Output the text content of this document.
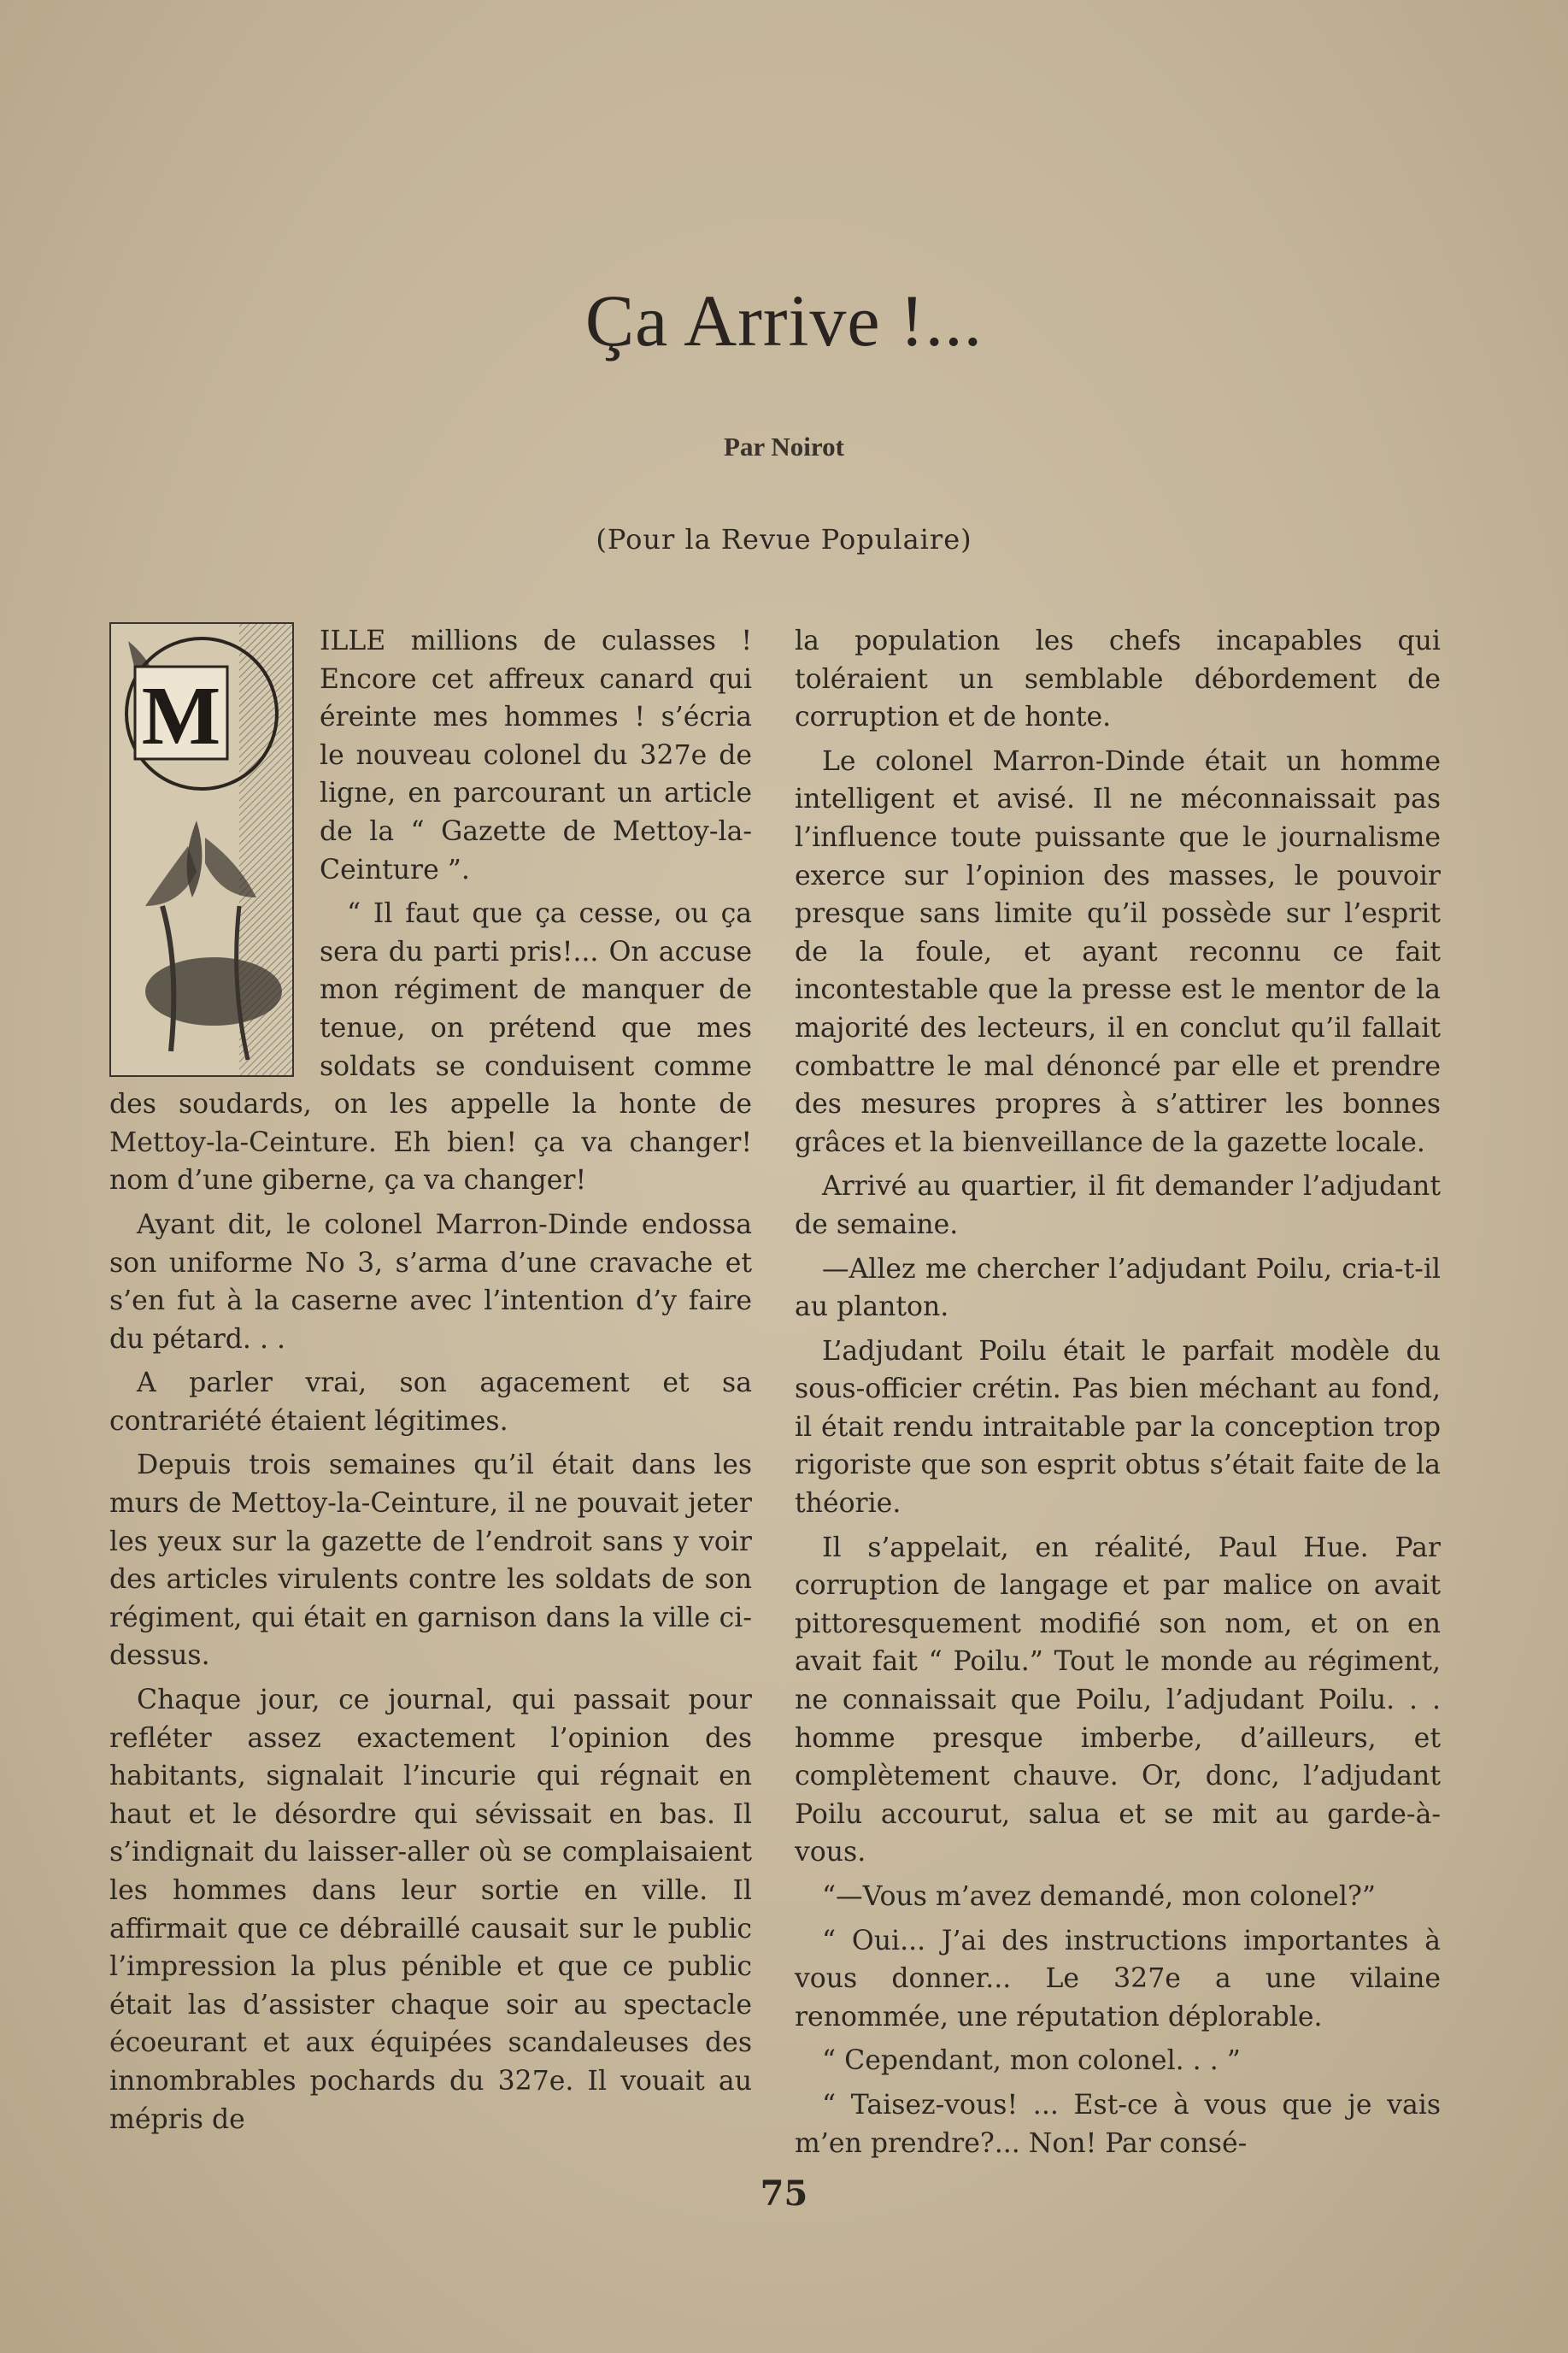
Ça Arrive !...
Par Noirot
(Pour la Revue Populaire)
M

ILLE millions de culasses ! Encore cet affreux canard qui éreinte mes hommes ! s’écria le nouveau colonel du 327e de ligne, en parcourant un article de la “ Gazette de Mettoy-la-Ceinture ”.

“ Il faut que ça cesse, ou ça sera du parti pris!... On accuse mon régiment de manquer de tenue, on prétend que mes soldats se conduisent comme des soudards, on les appelle la honte de Mettoy-la-Ceinture. Eh bien! ça va changer! nom d’une giberne, ça va changer!

Ayant dit, le colonel Marron-Dinde endossa son uniforme No 3, s’arma d’une cravache et s’en fut à la caserne avec l’intention d’y faire du pétard. . .

A parler vrai, son agacement et sa contrariété étaient légitimes.

Depuis trois semaines qu’il était dans les murs de Mettoy-la-Ceinture, il ne pouvait jeter les yeux sur la gazette de l’endroit sans y voir des articles virulents contre les soldats de son régiment, qui était en garnison dans la ville ci-dessus.

Chaque jour, ce journal, qui passait pour refléter assez exactement l’opinion des habitants, signalait l’incurie qui régnait en haut et le désordre qui sévissait en bas. Il s’indignait du laisser-aller où se complaisaient les hommes dans leur sortie en ville. Il affirmait que ce débraillé causait sur le public l’impression la plus pénible et que ce public était las d’assister chaque soir au spectacle écoeurant et aux équipées scandaleuses des innombrables pochards du 327e. Il vouait au mépris de

la population les chefs incapables qui toléraient un semblable débordement de corruption et de honte.

Le colonel Marron-Dinde était un homme intelligent et avisé. Il ne méconnaissait pas l’influence toute puissante que le journalisme exerce sur l’opinion des masses, le pouvoir presque sans limite qu’il possède sur l’esprit de la foule, et ayant reconnu ce fait incontestable que la presse est le mentor de la majorité des lecteurs, il en conclut qu’il fallait combattre le mal dénoncé par elle et prendre des mesures propres à s’attirer les bonnes grâces et la bienveillance de la gazette locale.

Arrivé au quartier, il fit demander l’adjudant de semaine.

—Allez me chercher l’adjudant Poilu, cria-t-il au planton.

L’adjudant Poilu était le parfait modèle du sous-officier crétin. Pas bien méchant au fond, il était rendu intraitable par la conception trop rigoriste que son esprit obtus s’était faite de la théorie.

Il s’appelait, en réalité, Paul Hue. Par corruption de langage et par malice on avait pittoresquement modifié son nom, et on en avait fait “ Poilu.” Tout le monde au régiment, ne connaissait que Poilu, l’adjudant Poilu. . . homme presque imberbe, d’ailleurs, et complètement chauve. Or, donc, l’adjudant Poilu accourut, salua et se mit au garde-à-vous.

“—Vous m’avez demandé, mon colonel?”

“ Oui... J’ai des instructions importantes à vous donner... Le 327e a une vilaine renommée, une réputation déplorable.

“ Cependant, mon colonel. . . ”

“ Taisez-vous! ... Est-ce à vous que je vais m’en prendre?... Non! Par consé-

75
